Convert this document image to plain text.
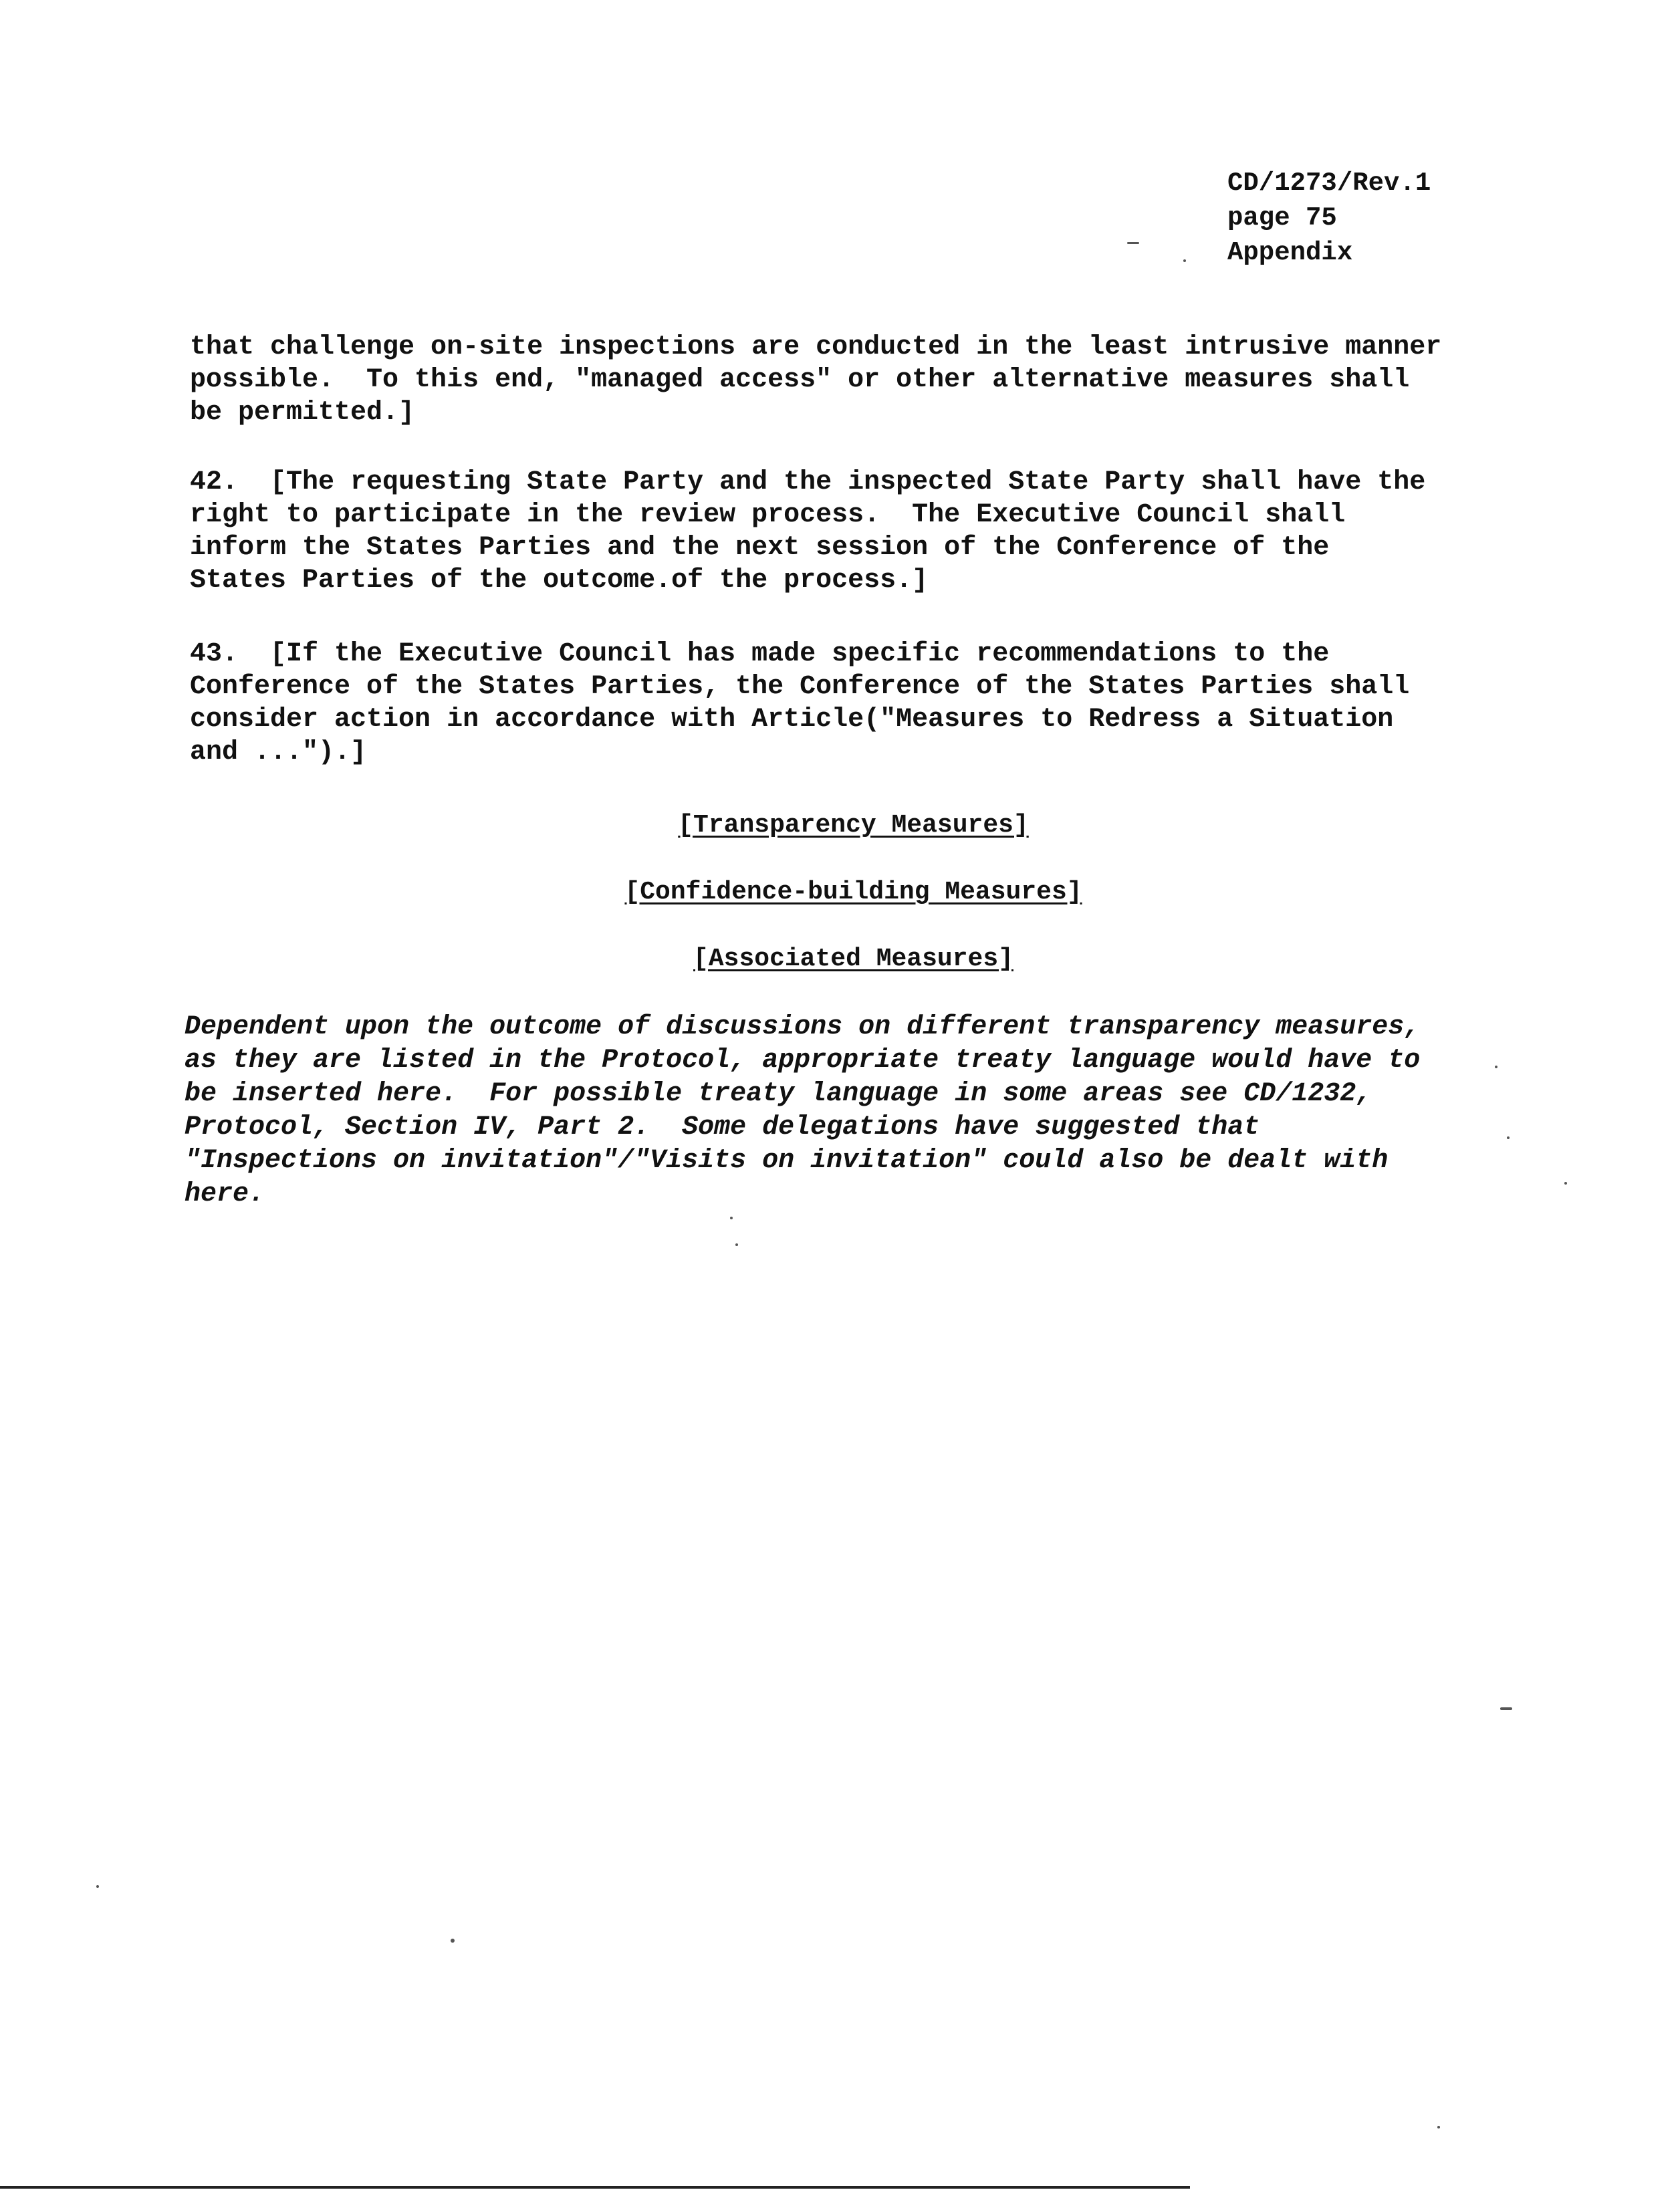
CD/1273/Rev.1
page 75
Appendix

that challenge on-site inspections are conducted in the least intrusive manner
possible.  To this end, "managed access" or other alternative measures shall
be permitted.]

42.  [The requesting State Party and the inspected State Party shall have the
right to participate in the review process.  The Executive Council shall
inform the States Parties and the next session of the Conference of the
States Parties of the outcome.of the process.]

43.  [If the Executive Council has made specific recommendations to the
Conference of the States Parties, the Conference of the States Parties shall
consider action in accordance with Article("Measures to Redress a Situation
and ...").]

[Transparency Measures]
[Confidence-building Measures]
[Associated Measures]

Dependent upon the outcome of discussions on different transparency measures,
as they are listed in the Protocol, appropriate treaty language would have to
be inserted here.  For possible treaty language in some areas see CD/1232,
Protocol, Section IV, Part 2.  Some delegations have suggested that
"Inspections on invitation"/"Visits on invitation" could also be dealt with
here.
